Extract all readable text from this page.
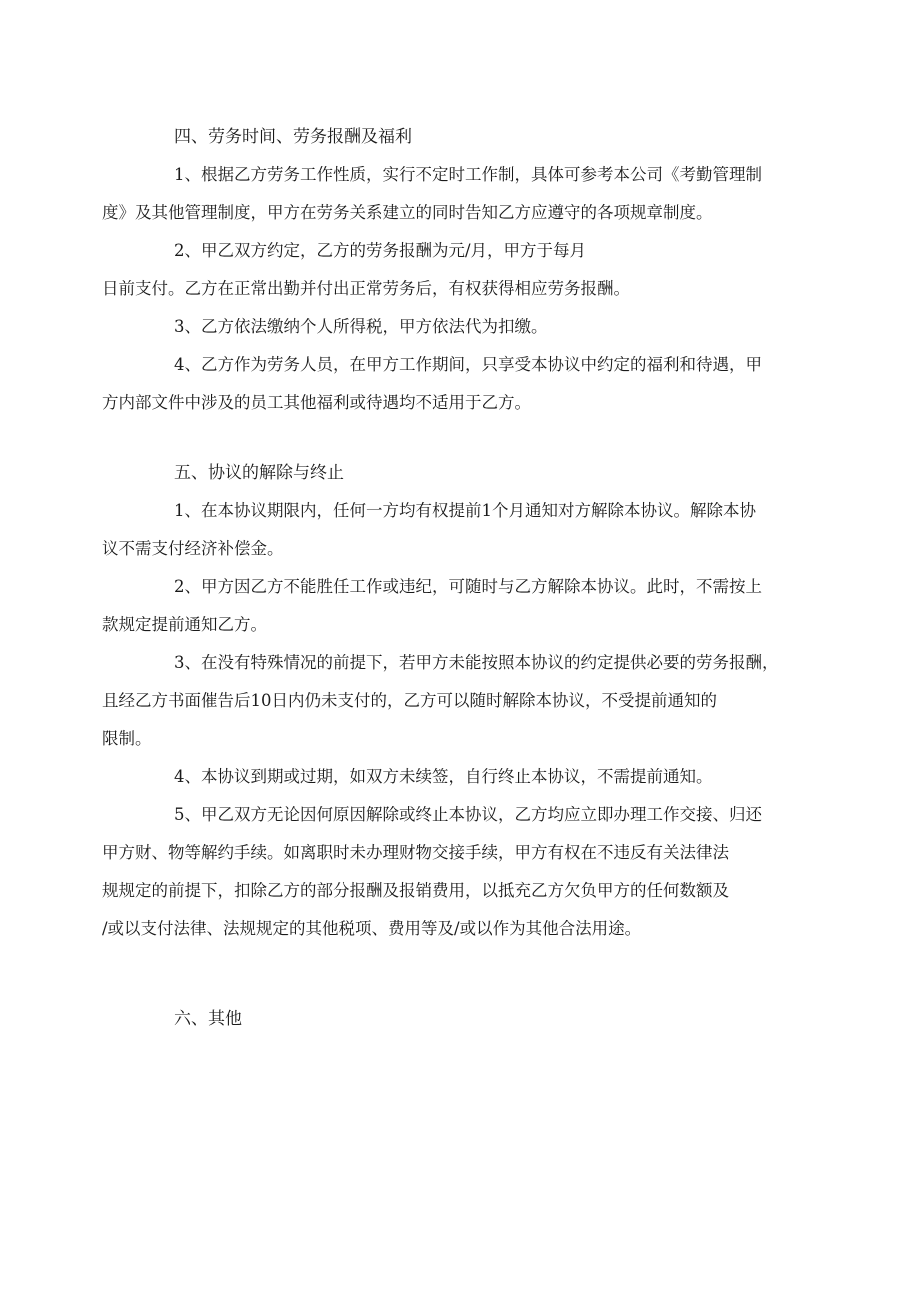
四、劳务时间、劳务报酬及福利

1、根据乙方劳务工作性质，实行不定时工作制，具体可参考本公司《考勤管理制
度》及其他管理制度，甲方在劳务关系建立的同时告知乙方应遵守的各项规章制度。

2、甲乙双方约定，乙方的劳务报酬为元/月，甲方于每月
日前支付。乙方在正常出勤并付出正常劳务后，有权获得相应劳务报酬。

3、乙方依法缴纳个人所得税，甲方依法代为扣缴。

4、乙方作为劳务人员，在甲方工作期间，只享受本协议中约定的福利和待遇，甲
方内部文件中涉及的员工其他福利或待遇均不适用于乙方。

五、协议的解除与终止

1、在本协议期限内，任何一方均有权提前1个月通知对方解除本协议。解除本协
议不需支付经济补偿金。

2、甲方因乙方不能胜任工作或违纪，可随时与乙方解除本协议。此时，不需按上
款规定提前通知乙方。

3、在没有特殊情况的前提下，若甲方未能按照本协议的约定提供必要的劳务报酬，
且经乙方书面催告后10日内仍未支付的，乙方可以随时解除本协议，不受提前通知的
限制。

4、本协议到期或过期，如双方未续签，自行终止本协议，不需提前通知。

5、甲乙双方无论因何原因解除或终止本协议，乙方均应立即办理工作交接、归还
甲方财、物等解约手续。如离职时未办理财物交接手续，甲方有权在不违反有关法律法
规规定的前提下，扣除乙方的部分报酬及报销费用，以抵充乙方欠负甲方的任何数额及
/或以支付法律、法规规定的其他税项、费用等及/或以作为其他合法用途。

六、其他
